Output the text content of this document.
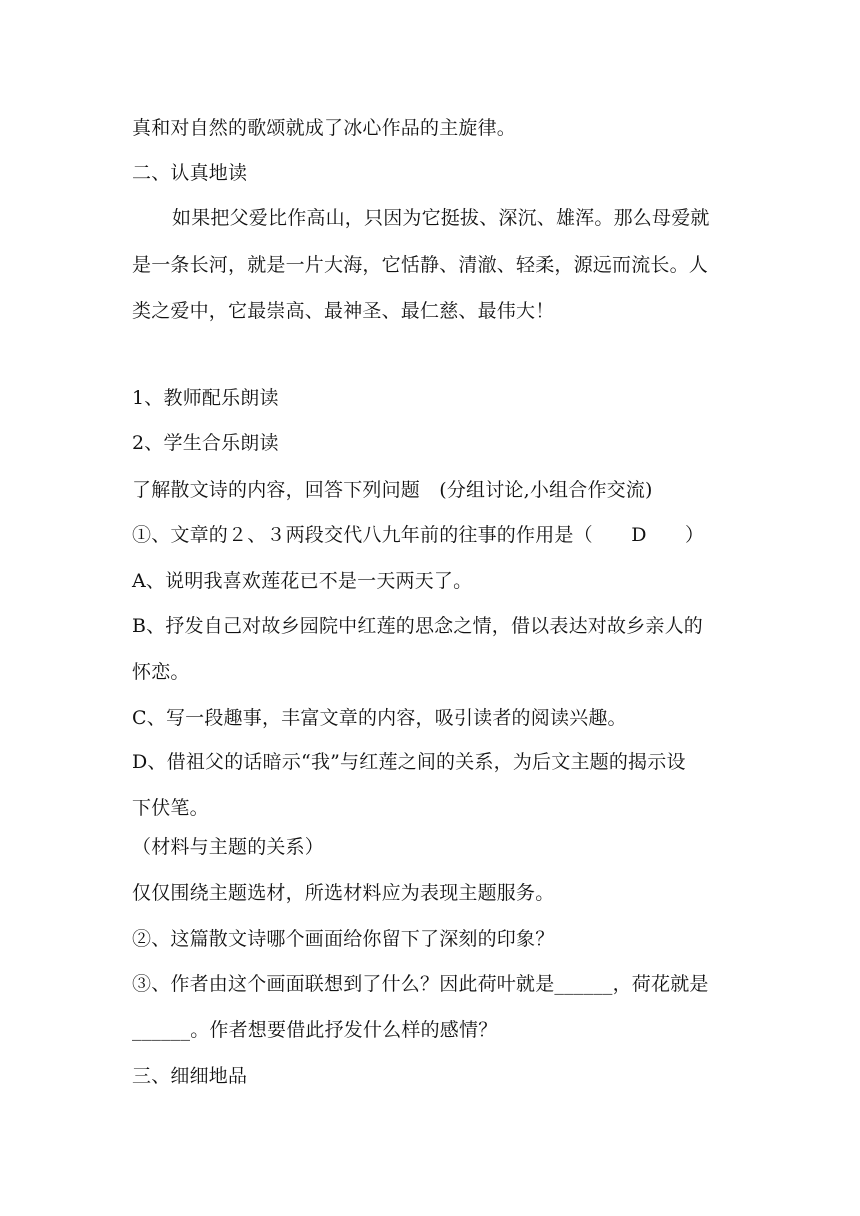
真和对自然的歌颂就成了冰心作品的主旋律。
二、认真地读
如果把父爱比作高山，只因为它挺拔、深沉、雄浑。那么母爱就
是一条长河，就是一片大海，它恬静、清澈、轻柔，源远而流长。人
类之爱中，它最崇高、最神圣、最仁慈、最伟大！
1、教师配乐朗读
2、学生合乐朗读
了解散文诗的内容，回答下列问题　(分组讨论,小组合作交流)
①、文章的２、３两段交代八九年前的往事的作用是（　　D　　）
A、说明我喜欢莲花已不是一天两天了。
B、抒发自己对故乡园院中红莲的思念之情，借以表达对故乡亲人的
怀恋。
C、写一段趣事，丰富文章的内容，吸引读者的阅读兴趣。
D、借祖父的话暗示“我”与红莲之间的关系，为后文主题的揭示设
下伏笔。
（材料与主题的关系）
仅仅围绕主题选材，所选材料应为表现主题服务。
②、这篇散文诗哪个画面给你留下了深刻的印象？
③、作者由这个画面联想到了什么？因此荷叶就是______，荷花就是
______。作者想要借此抒发什么样的感情？
三、细细地品
